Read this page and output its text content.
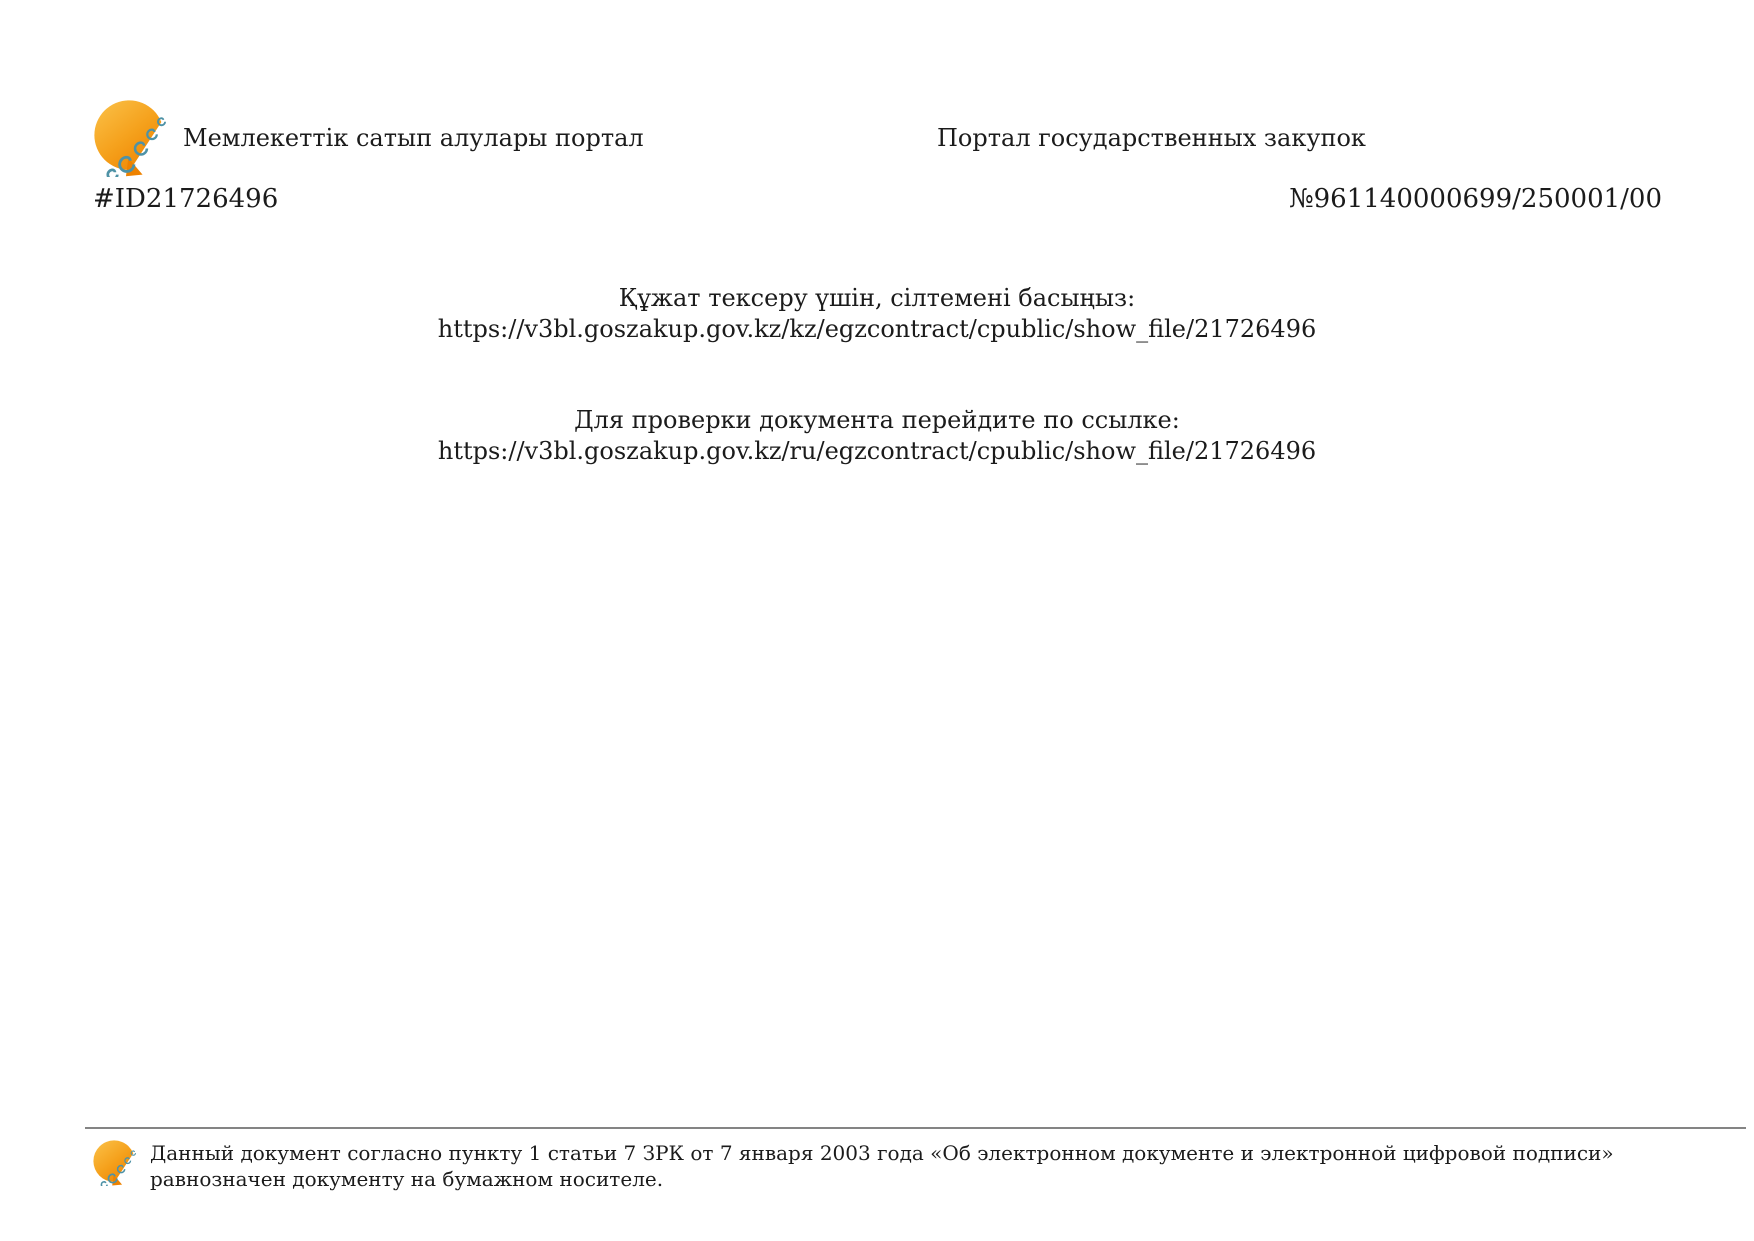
Мемлекеттік сатып алулары портал	Портал государственных закупок
#ID21726496	№961140000699/250001/00
Құжат тексеру үшін, сілтемені басыңыз:
https://v3bl.goszakup.gov.kz/kz/egzcontract/cpublic/show_file/21726496
Для проверки документа перейдите по ссылке:
https://v3bl.goszakup.gov.kz/ru/egzcontract/cpublic/show_file/21726496
Данный документ согласно пункту 1 статьи 7 ЗРК от 7 января 2003 года «Об электронном документе и электронной цифровой подписи» равнозначен документу на бумажном носителе.
